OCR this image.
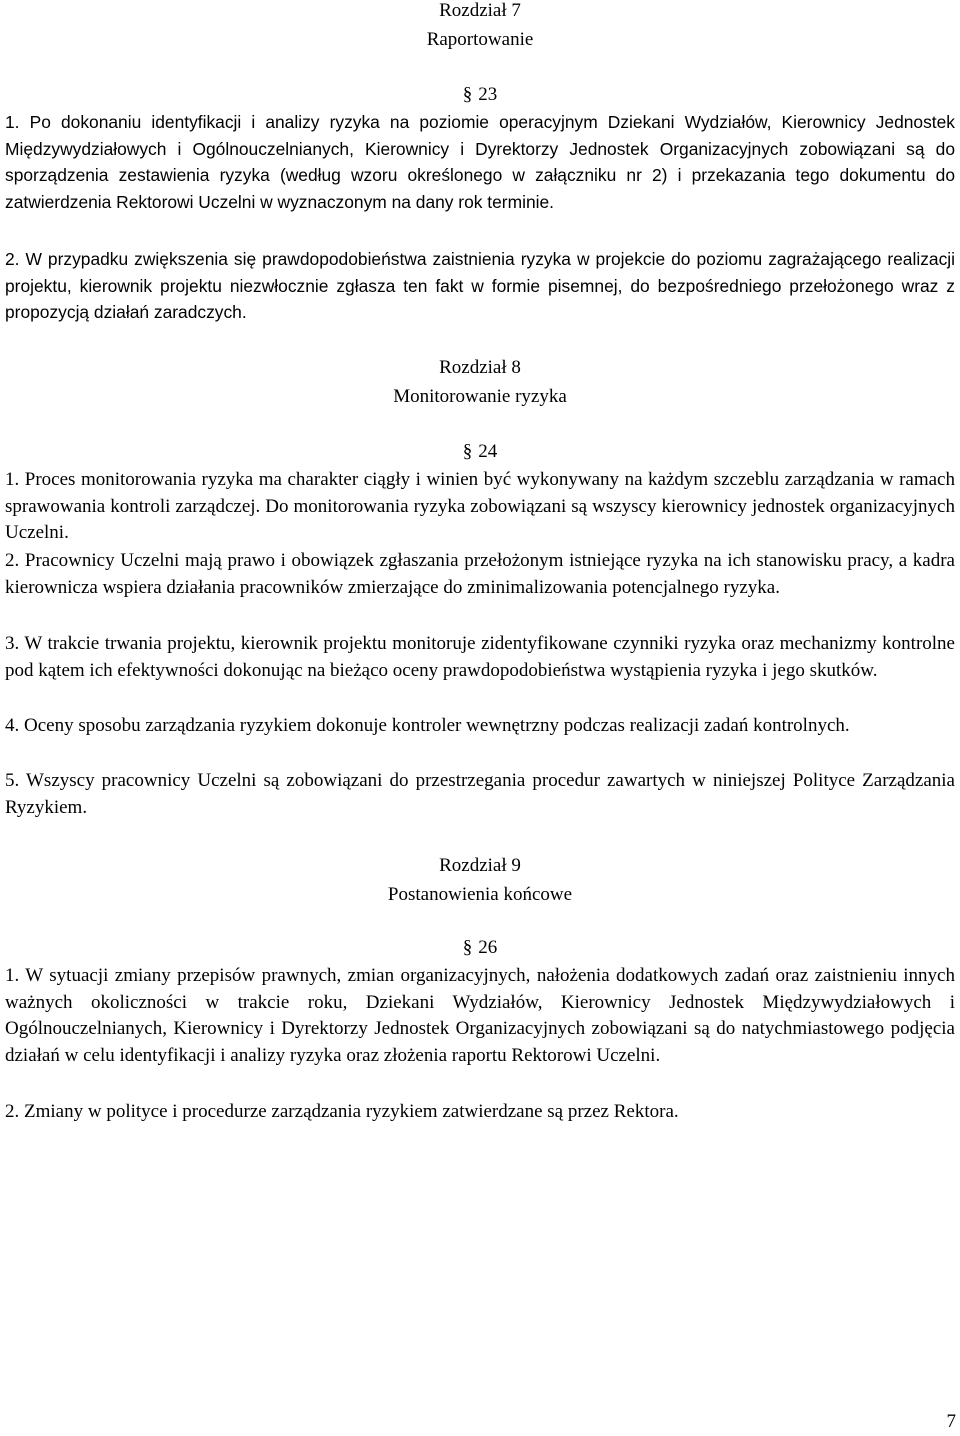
Rozdział 7
Raportowanie
§ 23

1. Po dokonaniu identyfikacji i analizy ryzyka na poziomie operacyjnym Dziekani Wydziałów, Kierownicy Jednostek Międzywydziałowych i Ogólnouczelnianych, Kierownicy i Dyrektorzy Jednostek Organizacyjnych zobowiązani są do sporządzenia zestawienia ryzyka (według wzoru określonego w załączniku nr 2) i przekazania tego dokumentu do zatwierdzenia Rektorowi Uczelni w wyznaczonym na dany rok terminie.

2. W przypadku zwiększenia się prawdopodobieństwa zaistnienia ryzyka w projekcie do poziomu zagrażającego realizacji projektu, kierownik projektu niezwłocznie zgłasza ten fakt w formie pisemnej, do bezpośredniego przełożonego wraz z propozycją działań zaradczych.

Rozdział 8
Monitorowanie ryzyka
§ 24

1. Proces monitorowania ryzyka ma charakter ciągły i winien być wykonywany na każdym szczeblu zarządzania w ramach sprawowania kontroli zarządczej. Do monitorowania ryzyka zobowiązani są wszyscy kierownicy jednostek organizacyjnych Uczelni.

2. Pracownicy Uczelni mają prawo i obowiązek zgłaszania przełożonym istniejące ryzyka na ich stanowisku pracy, a kadra kierownicza wspiera działania pracowników zmierzające do zminimalizowania potencjalnego ryzyka.

3. W trakcie trwania projektu, kierownik projektu monitoruje zidentyfikowane czynniki ryzyka oraz mechanizmy kontrolne pod kątem ich efektywności dokonując na bieżąco oceny prawdopodobieństwa wystąpienia ryzyka i jego skutków.

4. Oceny sposobu zarządzania ryzykiem dokonuje kontroler wewnętrzny podczas realizacji zadań kontrolnych.

5. Wszyscy pracownicy Uczelni są zobowiązani do przestrzegania procedur zawartych w niniejszej Polityce Zarządzania Ryzykiem.

Rozdział 9
Postanowienia końcowe
§ 26

1. W sytuacji zmiany przepisów prawnych, zmian organizacyjnych, nałożenia dodatkowych zadań oraz zaistnieniu innych ważnych okoliczności w trakcie roku, Dziekani Wydziałów, Kierownicy Jednostek Międzywydziałowych i Ogólnouczelnianych, Kierownicy i Dyrektorzy Jednostek Organizacyjnych zobowiązani są do natychmiastowego podjęcia działań w celu identyfikacji i analizy ryzyka oraz złożenia raportu Rektorowi Uczelni.

2. Zmiany w polityce i procedurze zarządzania ryzykiem zatwierdzane są przez Rektora.

7
